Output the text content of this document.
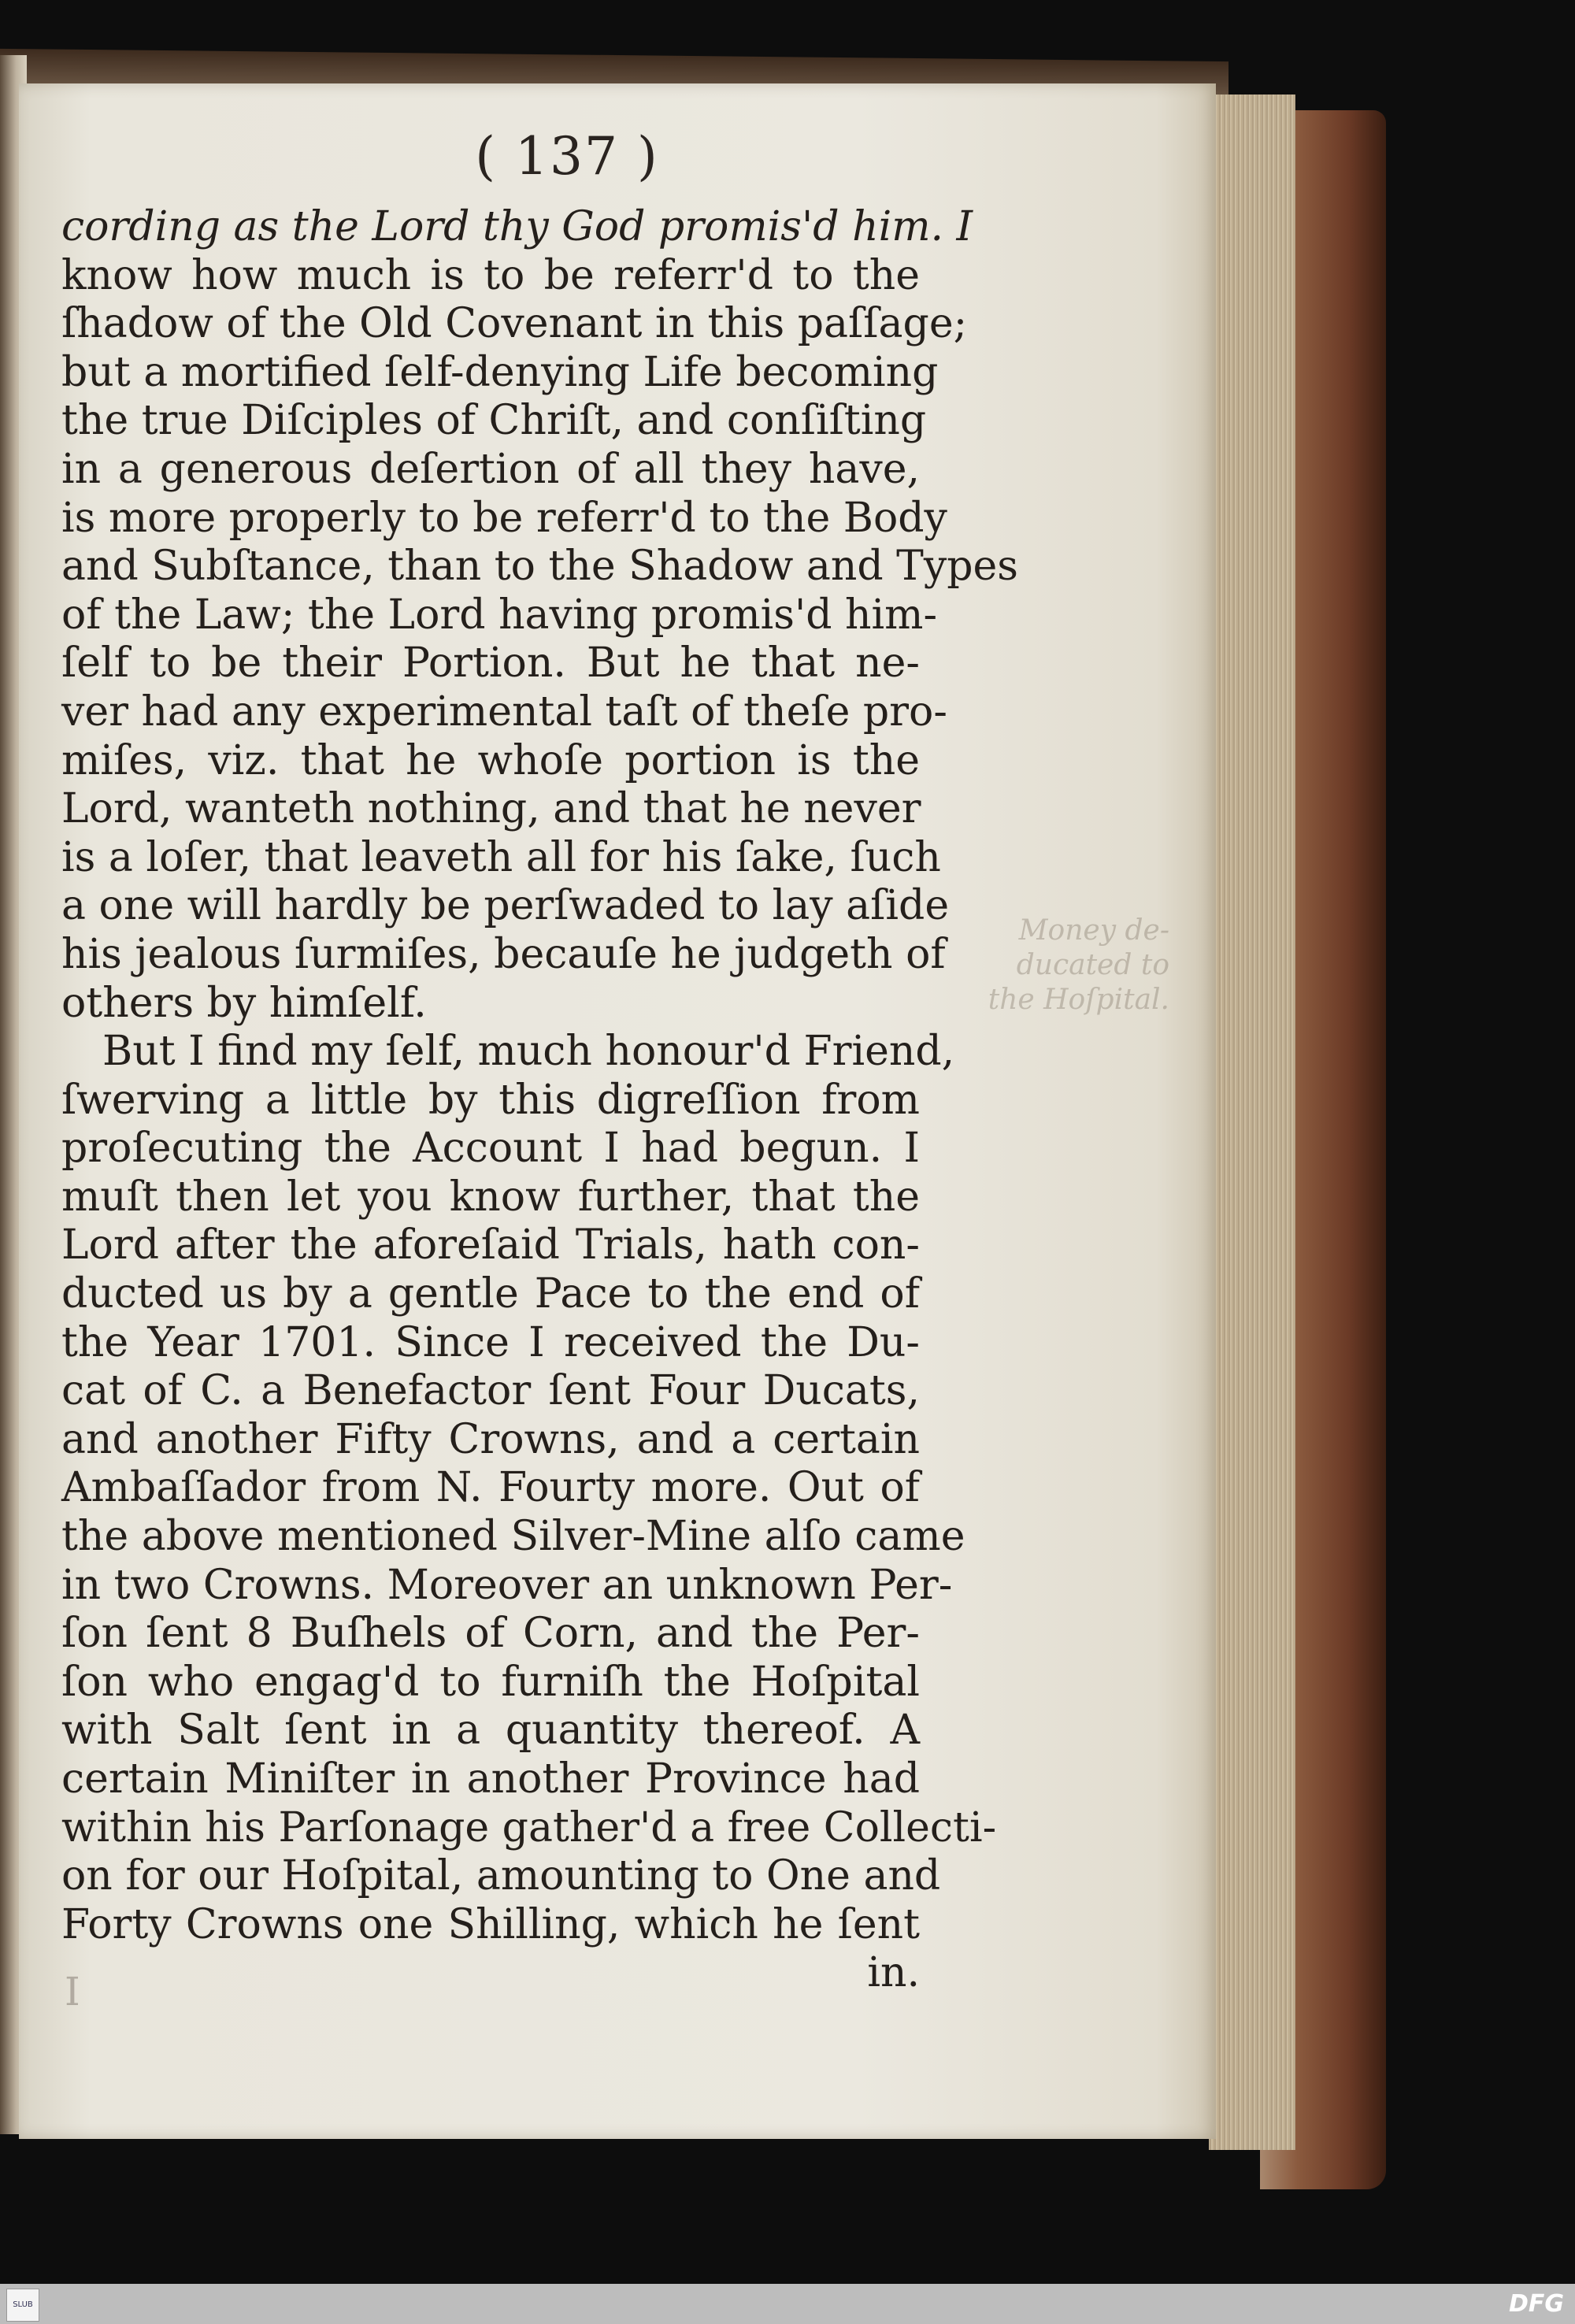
Money de-
ducated to
the Hoſpital.
( 137 )
cording as the Lord thy God promis'd him. I
know how much is to be referr'd to the
ſhadow of the Old Covenant in this paſſage;
but a mortified ſelf-denying Life becoming
the true Diſciples of Chriſt, and conſiſting
in a generous deſertion of all they have,
is more properly to be referr'd to the Body
and Subſtance, than to the Shadow and Types
of the Law; the Lord having promis'd him-
ſelf to be their Portion. But he that ne-
ver had any experimental taſt of theſe pro-
miſes, viz. that he whoſe portion is the
Lord, wanteth nothing, and that he never
is a loſer, that leaveth all for his ſake, ſuch
a one will hardly be perſwaded to lay aſide
his jealous ſurmiſes, becauſe he judgeth of
others by himſelf.
But I find my ſelf, much honour'd Friend,
ſwerving a little by this digreſſion from
proſecuting the Account I had begun. I
muſt then let you know further, that the
Lord after the aforeſaid Trials, hath con-
ducted us by a gentle Pace to the end of
the Year 1701. Since I received the Du-
cat of C. a Benefactor ſent Four Ducats,
and another Fifty Crowns, and a certain
Ambaſſador from N. Fourty more. Out of
the above mentioned Silver-Mine alſo came
in two Crowns. Moreover an unknown Per-
ſon ſent 8 Buſhels of Corn, and the Per-
ſon who engag'd to furniſh the Hoſpital
with Salt ſent in a quantity thereof. A
certain Miniſter in another Province had
within his Parſonage gather'd a free Collecti-
on for our Hoſpital, amounting to One and
Forty Crowns one Shilling, which he ſent
in.
I
SLUB	DFG
